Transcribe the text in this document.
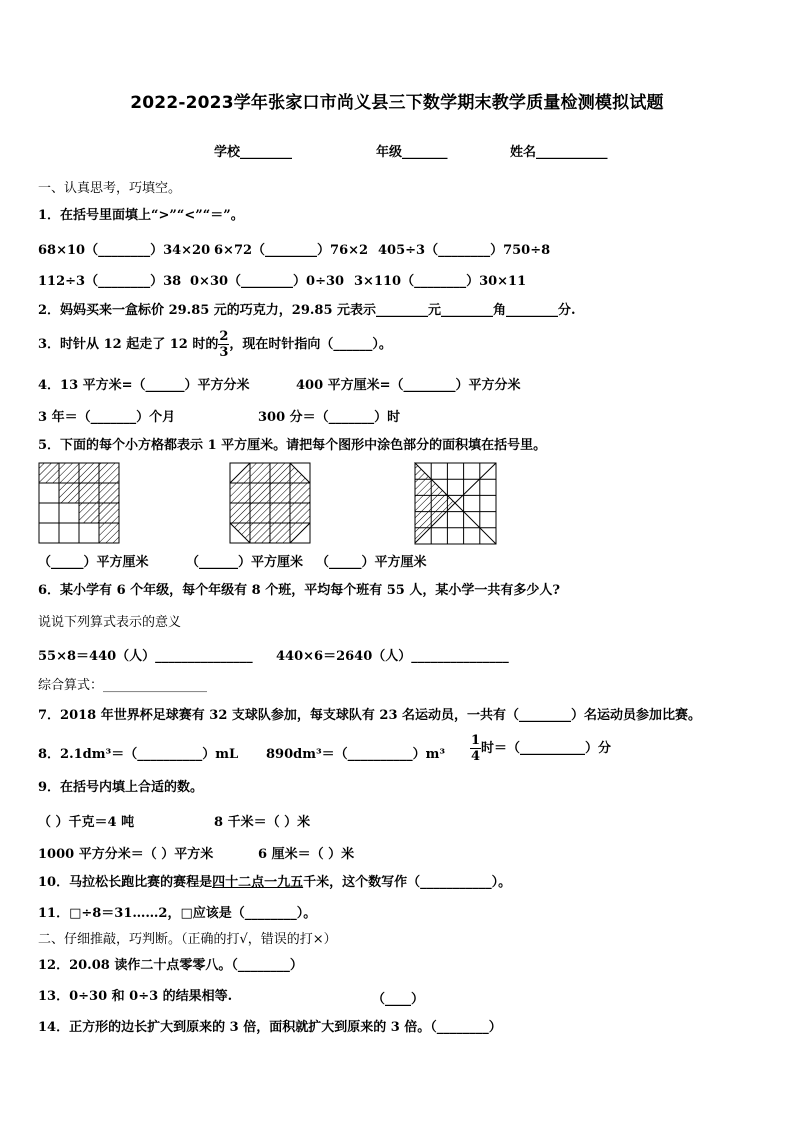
2022-2023学年张家口市尚义县三下数学期末教学质量检测模拟试题
学校________	年级_______	姓名___________
一、认真思考，巧填空。
1．在括号里面填上“>”“<”“＝”。
68×10（________）34×20 6×72（________）76×2 405÷3（________）750÷8
112÷3（________）38 0×30（________）0÷30 3×110（________）30×11
2．妈妈买来一盒标价 29.85 元的巧克力，29.85 元表示________元________角________分.
3．时针从 12 起走了 12 时的 $\frac{2}{3}$ ，现在时针指向（______）。
4．13 平方米=（______）平方分米	400 平方厘米=（________）平方分米
3 年＝（_______）个月	300 分＝（_______）时
5．下面的每个小方格都表示 1 平方厘米。请把每个图形中涂色部分的面积填在括号里。
（_____）平方厘米	（______）平方厘米 （_____）平方厘米
6．某小学有 6 个年级，每个年级有 8 个班，平均每个班有 55 人，某小学一共有多少人?
说说下列算式表示的意义
55×8＝440（人）_______________ 440×6＝2640（人）_______________
综合算式：________________
7．2018 年世界杯足球赛有 32 支球队参加，每支球队有 23 名运动员，一共有（________）名运动员参加比赛。
8．2.1dm³＝（__________）mL 890dm³＝（__________）m³ $\frac{1}{4}$ 时＝（__________）分
9．在括号内填上合适的数。
（ ）千克＝4 吨	8 千米＝（ ）米
1000 平方分米＝（ ）平方米	6 厘米＝（ ）米
10．马拉松长跑比赛的赛程是四十二点一九五千米，这个数写作（___________）。
11．□÷8＝31……2，□应该是（________）。
二、仔细推敲，巧判断。（正确的打√，错误的打×）
12．20.08 读作二十点零零八。（________）
13．0÷30 和 0÷3 的结果相等.	（____）
14．正方形的边长扩大到原来的 3 倍，面积就扩大到原来的 3 倍。（________）
